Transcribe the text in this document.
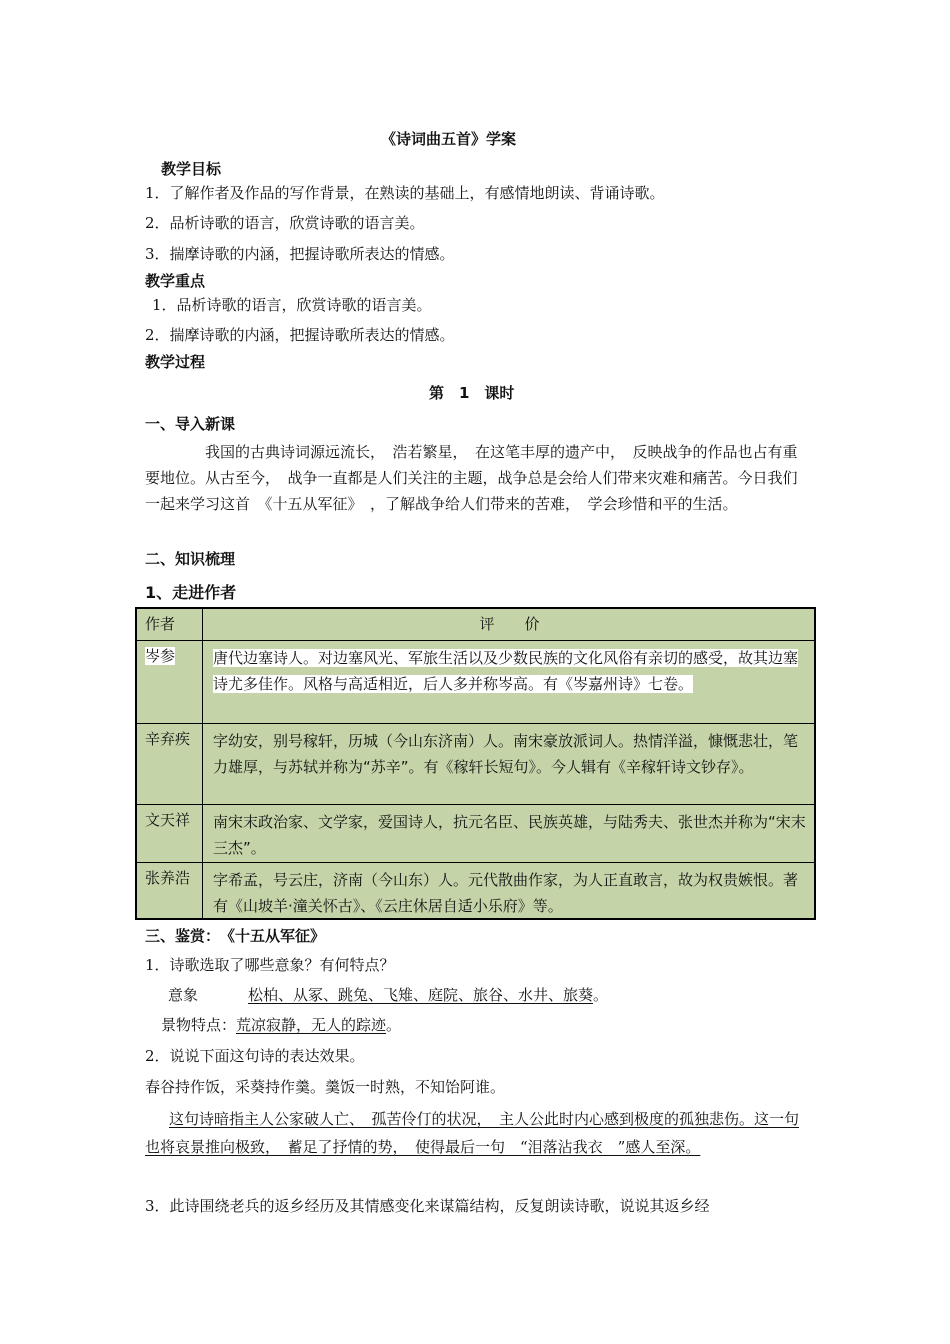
《诗词曲五首》学案
教学目标
1．了解作者及作品的写作背景，在熟读的基础上，有感情地朗读、背诵诗歌。
2．品析诗歌的语言，欣赏诗歌的语言美。
3．揣摩诗歌的内涵，把握诗歌所表达的情感。
教学重点
1．品析诗歌的语言，欣赏诗歌的语言美。
2．揣摩诗歌的内涵，把握诗歌所表达的情感。
教学过程
第　1　课时
一、导入新课
我国的古典诗词源远流长，　浩若繁星，　在这笔丰厚的遗产中，　反映战争的作品也占有重要地位。从古至今，　战争一直都是人们关注的主题，战争总是会给人们带来灾难和痛苦。今日我们一起来学习这首　《十五从军征》　，了解战争给人们带来的苦难，　学会珍惜和平的生活。
二、知识梳理
1、走进作者
作者	评　　价
岑参	唐代边塞诗人。对边塞风光、军旅生活以及少数民族的文化风俗有亲切的感受，故其边塞诗尤多佳作。风格与高适相近，后人多并称岑高。有《岑嘉州诗》七卷。
辛弃疾	字幼安，别号稼轩，历城（今山东济南）人。南宋豪放派词人。热情洋溢，慷慨悲壮，笔力雄厚，与苏轼并称为“苏辛”。有《稼轩长短句》。今人辑有《辛稼轩诗文钞存》。
文天祥	南宋末政治家、文学家，爱国诗人，抗元名臣、民族英雄，与陆秀夫、张世杰并称为“宋末三杰”。
张养浩	字希孟，号云庄，济南（今山东）人。元代散曲作家，为人正直敢言，故为权贵嫉恨。著有《山坡羊·潼关怀古》、《云庄休居自适小乐府》等。
三、鉴赏：　《十五从军征》
1．诗歌选取了哪些意象？有何特点？
意象	松柏、从冢、跳兔、飞雉、庭院、旅谷、水井、旅葵。
景物特点：荒凉寂静，无人的踪迹。
2．说说下面这句诗的表达效果。
春谷持作饭，采葵持作羹。羹饭一时熟，不知饴阿谁。
这句诗暗指主人公家破人亡、　孤苦伶仃的状况，　主人公此时内心感到极度的孤独悲伤。这一句也将哀景推向极致，　蓄足了抒情的势，　使得最后一句　“泪落沾我衣　”感人至深。
3．此诗围绕老兵的返乡经历及其情感变化来谋篇结构，反复朗读诗歌，说说其返乡经
